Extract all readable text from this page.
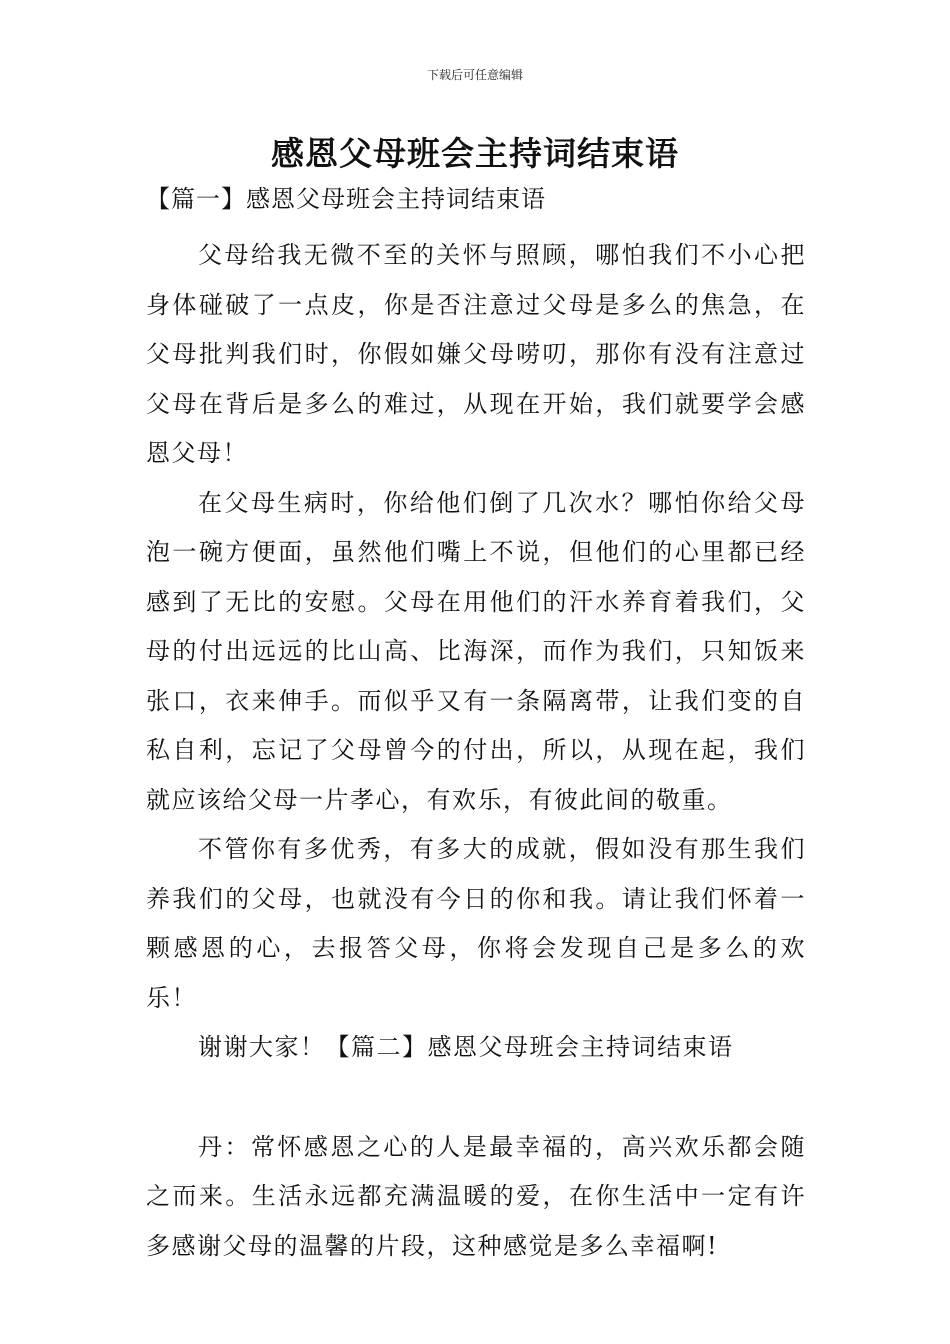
下载后可任意编辑
感恩父母班会主持词结束语

【篇一】感恩父母班会主持词结束语

父母给我无微不至的关怀与照顾，哪怕我们不小心把身体碰破了一点皮，你是否注意过父母是多么的焦急，在父母批判我们时，你假如嫌父母唠叨，那你有没有注意过父母在背后是多么的难过，从现在开始，我们就要学会感恩父母！

在父母生病时，你给他们倒了几次水？哪怕你给父母泡一碗方便面，虽然他们嘴上不说，但他们的心里都已经感到了无比的安慰。父母在用他们的汗水养育着我们，父母的付出远远的比山高、比海深，而作为我们，只知饭来张口，衣来伸手。而似乎又有一条隔离带，让我们变的自私自利，忘记了父母曾今的付出，所以，从现在起，我们就应该给父母一片孝心，有欢乐，有彼此间的敬重。

不管你有多优秀，有多大的成就，假如没有那生我们养我们的父母，也就没有今日的你和我。请让我们怀着一颗感恩的心，去报答父母，你将会发现自己是多么的欢乐！

谢谢大家！【篇二】感恩父母班会主持词结束语

丹：常怀感恩之心的人是最幸福的，高兴欢乐都会随之而来。生活永远都充满温暖的爱，在你生活中一定有许多感谢父母的温馨的片段，这种感觉是多么幸福啊!
